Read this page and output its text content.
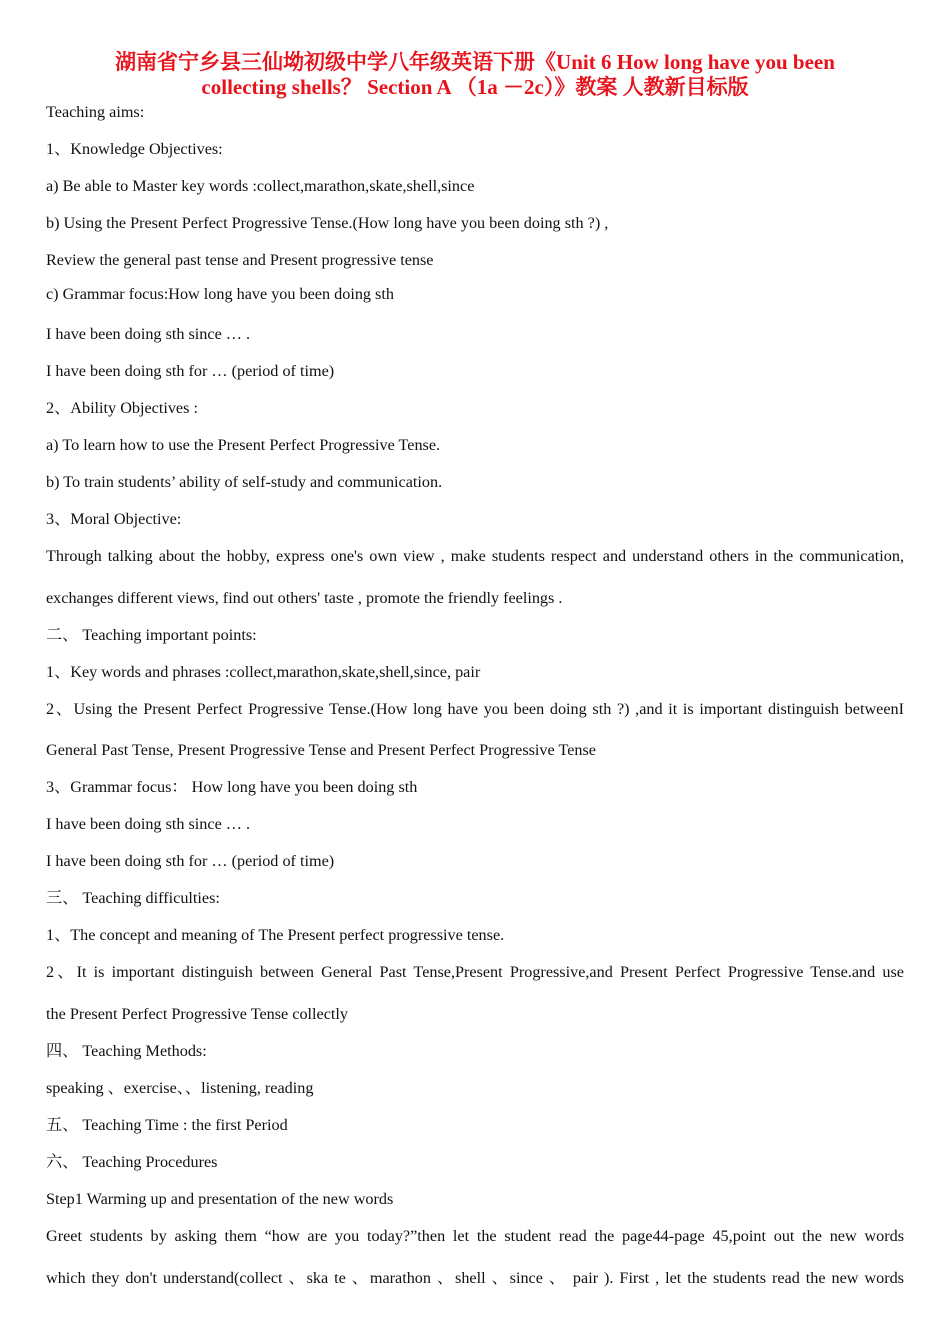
湖南省宁乡县三仙坳初级中学八年级英语下册《Unit 6 How long have you been
collecting shells？ Section A （1a －2c）》教案 人教新目标版
Teaching aims:
1、Knowledge Objectives:
a) Be able to Master key words :collect,marathon,skate,shell,since
b) Using the Present Perfect Progressive Tense.(How long have you been doing sth ?) ,
Review the general past tense and Present progressive tense
c) Grammar focus:How long have you been doing sth
I have been doing sth since … .
I have been doing sth for … (period of time)
2、Ability Objectives :
a) To learn how to use the Present Perfect Progressive Tense.
b) To train students’ ability of self-study and communication.
3、Moral Objective:
Through talking about the hobby, express one's own view , make students respect and understand others in the communication,
exchanges different views, find out others' taste , promote the friendly feelings .
二、 Teaching important points:
1、Key words and phrases :collect,marathon,skate,shell,since, pair
2、Using the Present Perfect Progressive Tense.(How long have you been doing sth ?) ,and it is important distinguish betweenI
General Past Tense, Present Progressive Tense and Present Perfect Progressive Tense
3、Grammar focus： How long have you been doing sth
I have been doing sth since … .
I have been doing sth for … (period of time)
三、 Teaching difficulties:
1、The concept and meaning of The Present perfect progressive tense.
2、It is important distinguish between General Past Tense,Present Progressive,and Present Perfect Progressive Tense.and use
the Present Perfect Progressive Tense collectly
四、 Teaching Methods:
speaking 、exercise、、listening, reading
五、 Teaching Time : the first Period
六、 Teaching Procedures
Step1 Warming up and presentation of the new words
Greet students by asking them “how are you today?”then let the student read the page44-page 45,point out the new words
which they don't understand(collect 、ska te 、marathon 、shell 、since 、 pair ). First , let the students read the new words
